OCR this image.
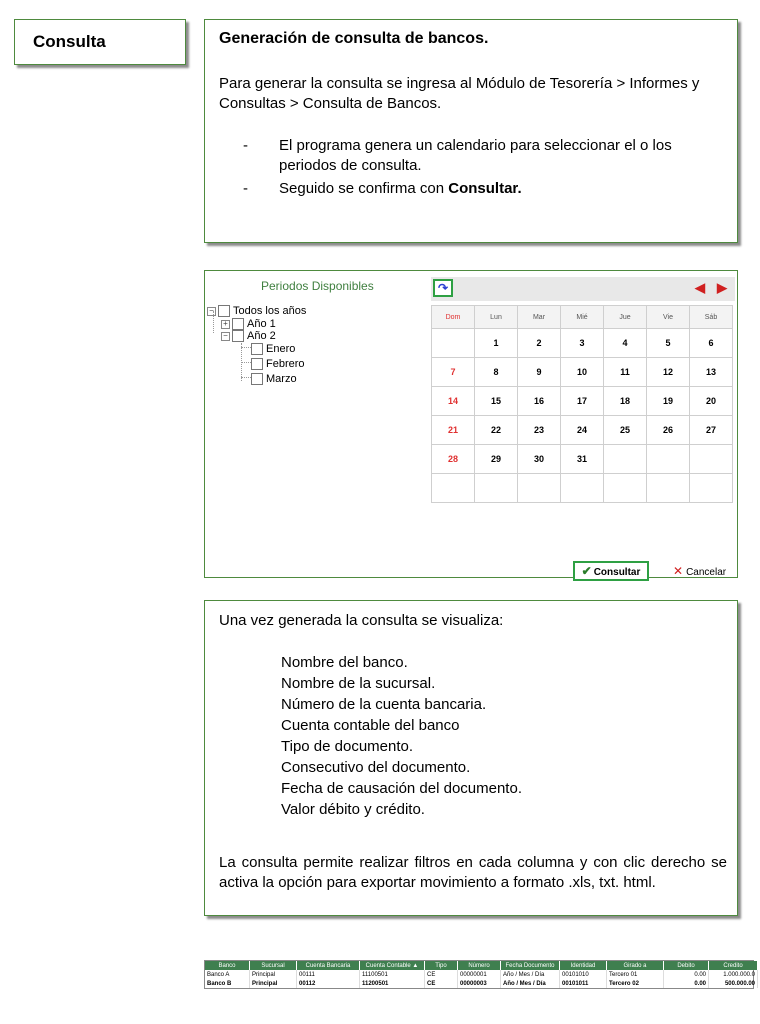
Consulta	Generación de consulta de bancos.
Para generar la consulta se ingresa al Módulo de Tesorería > Informes y Consultas > Consulta de Bancos.
- El programa genera un calendario para seleccionar el o los periodos de consulta.
- Seguido se confirma con Consultar.
Periodos Disponibles
− Todos los años
+ Año 1
− Año 2
Enero
Febrero
Marzo
↷	◀ ▶
Dom	Lun	Mar	Mié	Jue	Vie	Sáb
	1	2	3	4	5	6
7	8	9	10	11	12	13
14	15	16	17	18	19	20
21	22	23	24	25	26	27
28	29	30	31			

✔ Consultar	✕ Cancelar
Una vez generada la consulta se visualiza:
Nombre del banco.
Nombre de la sucursal.
Número de la cuenta bancaria.
Cuenta contable del banco
Tipo de documento.
Consecutivo del documento.
Fecha de causación del documento.
Valor débito y crédito.
La consulta permite realizar filtros en cada columna y con clic derecho se activa la opción para exportar movimiento a formato .xls, txt. html.
Banco	Sucursal	Cuenta Bancaria	Cuenta Contable ▲	Tipo	Número	Fecha Documento	Identidad	Girado a	Debito	Credito
Banco A	Principal	00111	11100501	CE	00000001	Año / Mes / Día	00101010	Tercero 01	0.00	1.000.000.0
Banco B	Principal	00112	11200501	CE	00000003	Año / Mes / Día	00101011	Tercero 02	0.00	500.000.00
